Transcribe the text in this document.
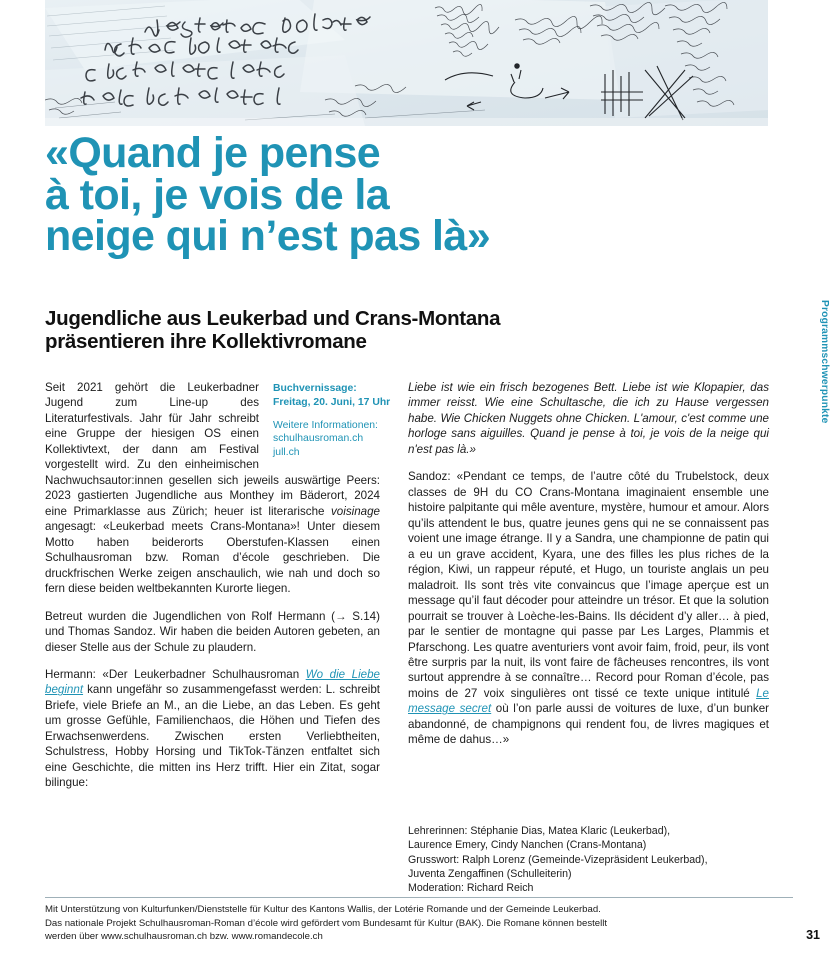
«Quand je pense
à toi, je vois de la
neige qui n’est pas là»
Jugendliche aus Leukerbad und Crans-Montana
präsentieren ihre Kollektivromane
Buchvernissage:
Freitag, 20. Juni, 17 Uhr
Weitere Informationen:
schulhausroman.ch
jull.ch

Seit 2021 gehört die Leukerbadner Jugend zum Line-up des Literaturfestivals. Jahr für Jahr schreibt eine Gruppe der hiesigen OS einen Kollektivtext, der dann am Festival vorgestellt wird. Zu den einheimischen Nachwuchsautor:innen gesellen sich jeweils auswärtige Peers: 2023 gastierten Jugendliche aus Monthey im Bäderort, 2024 eine Primarklasse aus Zürich; heuer ist literarische voisinage angesagt: «Leukerbad meets Crans-Montana»! Unter diesem Motto haben beiderorts Oberstufen-Klassen einen Schulhausroman bzw. Roman d’école geschrieben. Die druckfrischen Werke zeigen anschaulich, wie nah und doch so fern diese beiden weltbekannten Kurorte liegen.

Betreut wurden die Jugendlichen von Rolf Hermann (→ S.14) und Thomas Sandoz. Wir haben die beiden Autoren gebeten, an dieser Stelle aus der Schule zu plaudern.

Hermann: «Der Leukerbadner Schulhausroman Wo die Liebe beginnt kann ungefähr so zusammengefasst werden: L. schreibt Briefe, viele Briefe an M., an die Liebe, an das Leben. Es geht um grosse Gefühle, Familienchaos, die Höhen und Tiefen des Erwachsenwerdens. Zwischen ersten Verliebtheiten, Schulstress, Hobby Horsing und TikTok-Tänzen entfaltet sich eine Geschichte, die mitten ins Herz trifft. Hier ein Zitat, sogar bilingue:

Liebe ist wie ein frisch bezogenes Bett. Liebe ist wie Klopapier, das immer reisst. Wie eine Schultasche, die ich zu Hause vergessen habe. Wie Chicken Nuggets ohne Chicken. L'amour, c'est comme une horloge sans aiguilles. Quand je pense à toi, je vois de la neige qui n'est pas là.»

Sandoz: «Pendant ce temps, de l’autre côté du Trubelstock, deux classes de 9H du CO Crans-Montana imaginaient ensemble une histoire palpitante qui mêle aventure, mystère, humour et amour. Alors qu’ils attendent le bus, quatre jeunes gens qui ne se connaissent pas voient une image étrange. Il y a Sandra, une championne de patin qui a eu un grave accident, Kyara, une des filles les plus riches de la région, Kiwi, un rappeur réputé, et Hugo, un touriste anglais un peu maladroit. Ils sont très vite convaincus que l’image aperçue est un message qu’il faut décoder pour atteindre un trésor. Et que la solution pourrait se trouver à Loèche-les-Bains. Ils décident d’y aller… à pied, par le sentier de montagne qui passe par Les Larges, Plammis et Pfarschong. Les quatre aventuriers vont avoir faim, froid, peur, ils vont être surpris par la nuit, ils vont faire de fâcheuses rencontres, ils vont surtout apprendre à se connaître… Record pour Roman d’école, pas moins de 27 voix singulières ont tissé ce texte unique intitulé Le message secret où l’on parle aussi de voitures de luxe, d’un bunker abandonné, de champignons qui rendent fou, de livres magiques et même de dahus…»

Lehrerinnen: Stéphanie Dias, Matea Klaric (Leukerbad),
Laurence Emery, Cindy Nanchen (Crans-Montana)
Grusswort: Ralph Lorenz (Gemeinde-Vizepräsident Leukerbad),
Juventa Zengaffinen (Schulleiterin)
Moderation: Richard Reich
Programmschwerpunkte
Mit Unterstützung von Kulturfunken/Dienststelle für Kultur des Kantons Wallis, der Lotérie Romande und der Gemeinde Leukerbad.
Das nationale Projekt Schulhausroman-Roman d’école wird gefördert vom Bundesamt für Kultur (BAK). Die Romane können bestellt
werden über www.schulhausroman.ch bzw. www.romandecole.ch	31
